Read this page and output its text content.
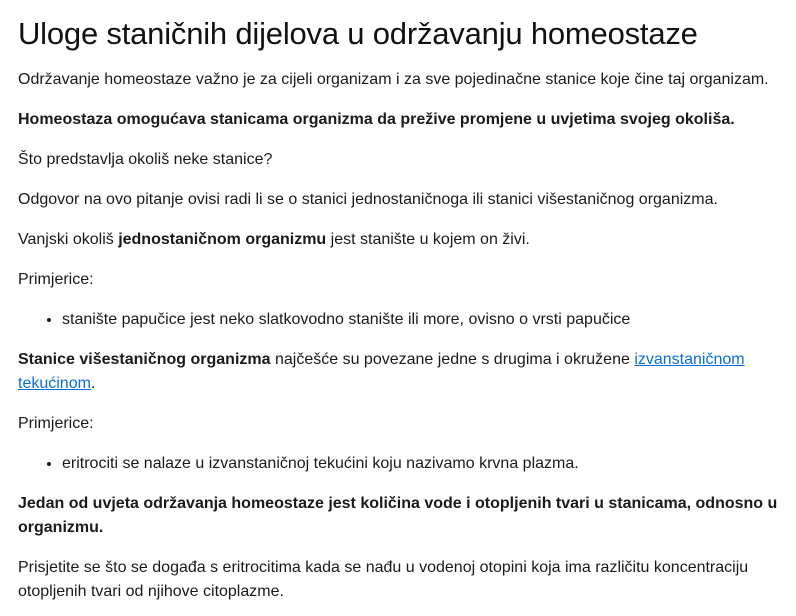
Uloge staničnih dijelova u održavanju homeostaze

Održavanje homeostaze važno je za cijeli organizam i za sve pojedinačne stanice koje čine taj organizam.

Homeostaza omogućava stanicama organizma da prežive promjene u uvjetima svojeg okoliša.

Što predstavlja okoliš neke stanice?

Odgovor na ovo pitanje ovisi radi li se o stanici jednostaničnoga ili stanici višestaničnog organizma.

Vanjski okoliš jednostaničnom organizmu jest stanište u kojem on živi.

Primjerice:

• stanište papučice jest neko slatkovodno stanište ili more, ovisno o vrsti papučice

Stanice višestaničnog organizma najčešće su povezane jedne s drugima i okružene izvanstaničnom tekućinom.

Primjerice:

• eritrociti se nalaze u izvanstaničnoj tekućini koju nazivamo krvna plazma.

Jedan od uvjeta održavanja homeostaze jest količina vode i otopljenih tvari u stanicama, odnosno u organizmu.

Prisjetite se što se događa s eritrocitima kada se nađu u vodenoj otopini koja ima različitu koncentraciju otopljenih tvari od njihove citoplazme.
